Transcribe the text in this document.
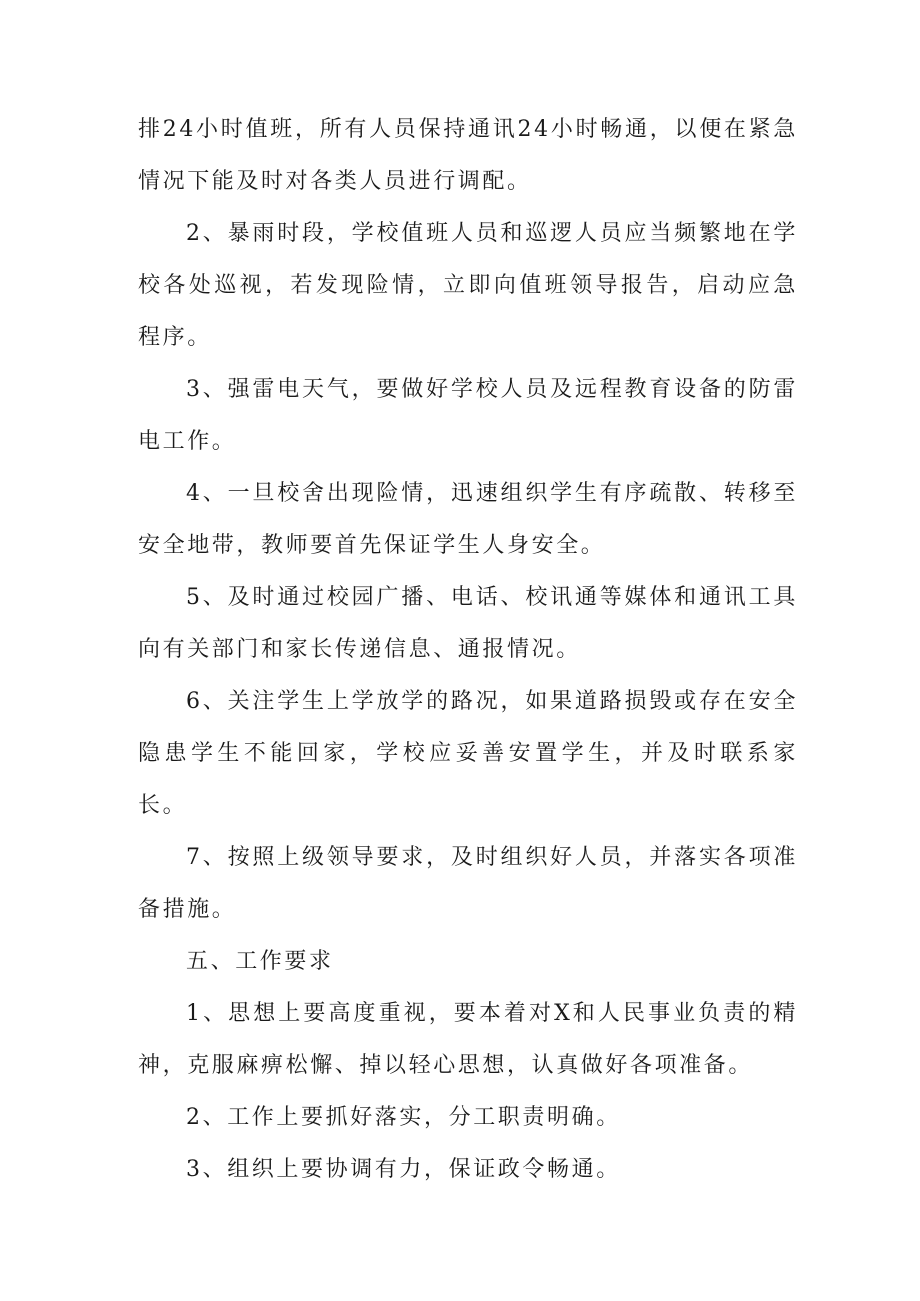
排24小时值班，所有人员保持通讯24小时畅通，以便在紧急情况下能及时对各类人员进行调配。

2、暴雨时段，学校值班人员和巡逻人员应当频繁地在学校各处巡视，若发现险情，立即向值班领导报告，启动应急程序。

3、强雷电天气，要做好学校人员及远程教育设备的防雷电工作。

4、一旦校舍出现险情，迅速组织学生有序疏散、转移至安全地带，教师要首先保证学生人身安全。

5、及时通过校园广播、电话、校讯通等媒体和通讯工具向有关部门和家长传递信息、通报情况。

6、关注学生上学放学的路况，如果道路损毁或存在安全隐患学生不能回家，学校应妥善安置学生，并及时联系家长。

7、按照上级领导要求，及时组织好人员，并落实各项准备措施。

五、工作要求

1、思想上要高度重视，要本着对X和人民事业负责的精神，克服麻痹松懈、掉以轻心思想，认真做好各项准备。

2、工作上要抓好落实，分工职责明确。

3、组织上要协调有力，保证政令畅通。
